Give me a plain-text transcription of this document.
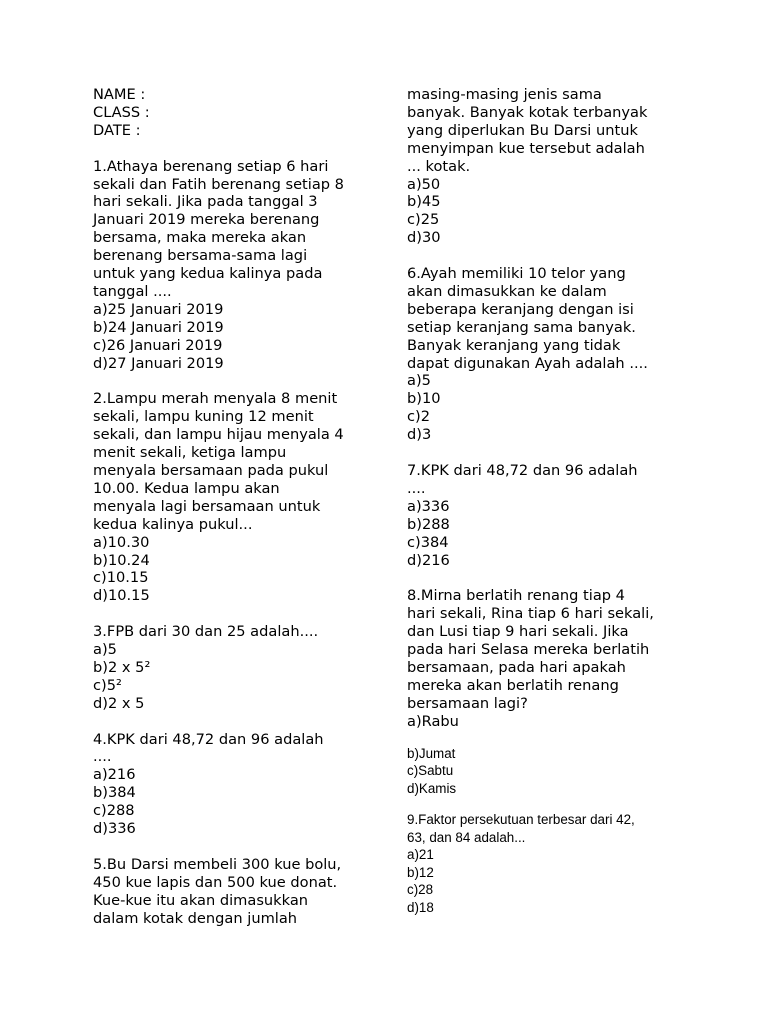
NAME :
CLASS :
DATE :
1.Athaya berenang setiap 6 hari
sekali dan Fatih berenang setiap 8
hari sekali. Jika pada tanggal 3
Januari 2019 mereka berenang
bersama, maka mereka akan
berenang bersama-sama lagi
untuk yang kedua kalinya pada
tanggal ....
a)25 Januari 2019
b)24 Januari 2019
c)26 Januari 2019
d)27 Januari 2019
2.Lampu merah menyala 8 menit
sekali, lampu kuning 12 menit
sekali, dan lampu hijau menyala 4
menit sekali, ketiga lampu
menyala bersamaan pada pukul
10.00. Kedua lampu akan
menyala lagi bersamaan untuk
kedua kalinya pukul...
a)10.30
b)10.24
c)10.15
d)10.15
3.FPB dari 30 dan 25 adalah....
a)5
b)2 x 5²
c)5²
d)2 x 5
4.KPK dari 48,72 dan 96 adalah
....
a)216
b)384
c)288
d)336
5.Bu Darsi membeli 300 kue bolu,
450 kue lapis dan 500 kue donat.
Kue-kue itu akan dimasukkan
dalam kotak dengan jumlah
masing-masing jenis sama
banyak. Banyak kotak terbanyak
yang diperlukan Bu Darsi untuk
menyimpan kue tersebut adalah
... kotak.
a)50
b)45
c)25
d)30
6.Ayah memiliki 10 telor yang
akan dimasukkan ke dalam
beberapa keranjang dengan isi
setiap keranjang sama banyak.
Banyak keranjang yang tidak
dapat digunakan Ayah adalah ....
a)5
b)10
c)2
d)3
7.KPK dari 48,72 dan 96 adalah
....
a)336
b)288
c)384
d)216
8.Mirna berlatih renang tiap 4
hari sekali, Rina tiap 6 hari sekali,
dan Lusi tiap 9 hari sekali. Jika
pada hari Selasa mereka berlatih
bersamaan, pada hari apakah
mereka akan berlatih renang
bersamaan lagi?
a)Rabu
b)Jumat
c)Sabtu
d)Kamis
9.Faktor persekutuan terbesar dari 42,
63, dan 84 adalah...
a)21
b)12
c)28
d)18
